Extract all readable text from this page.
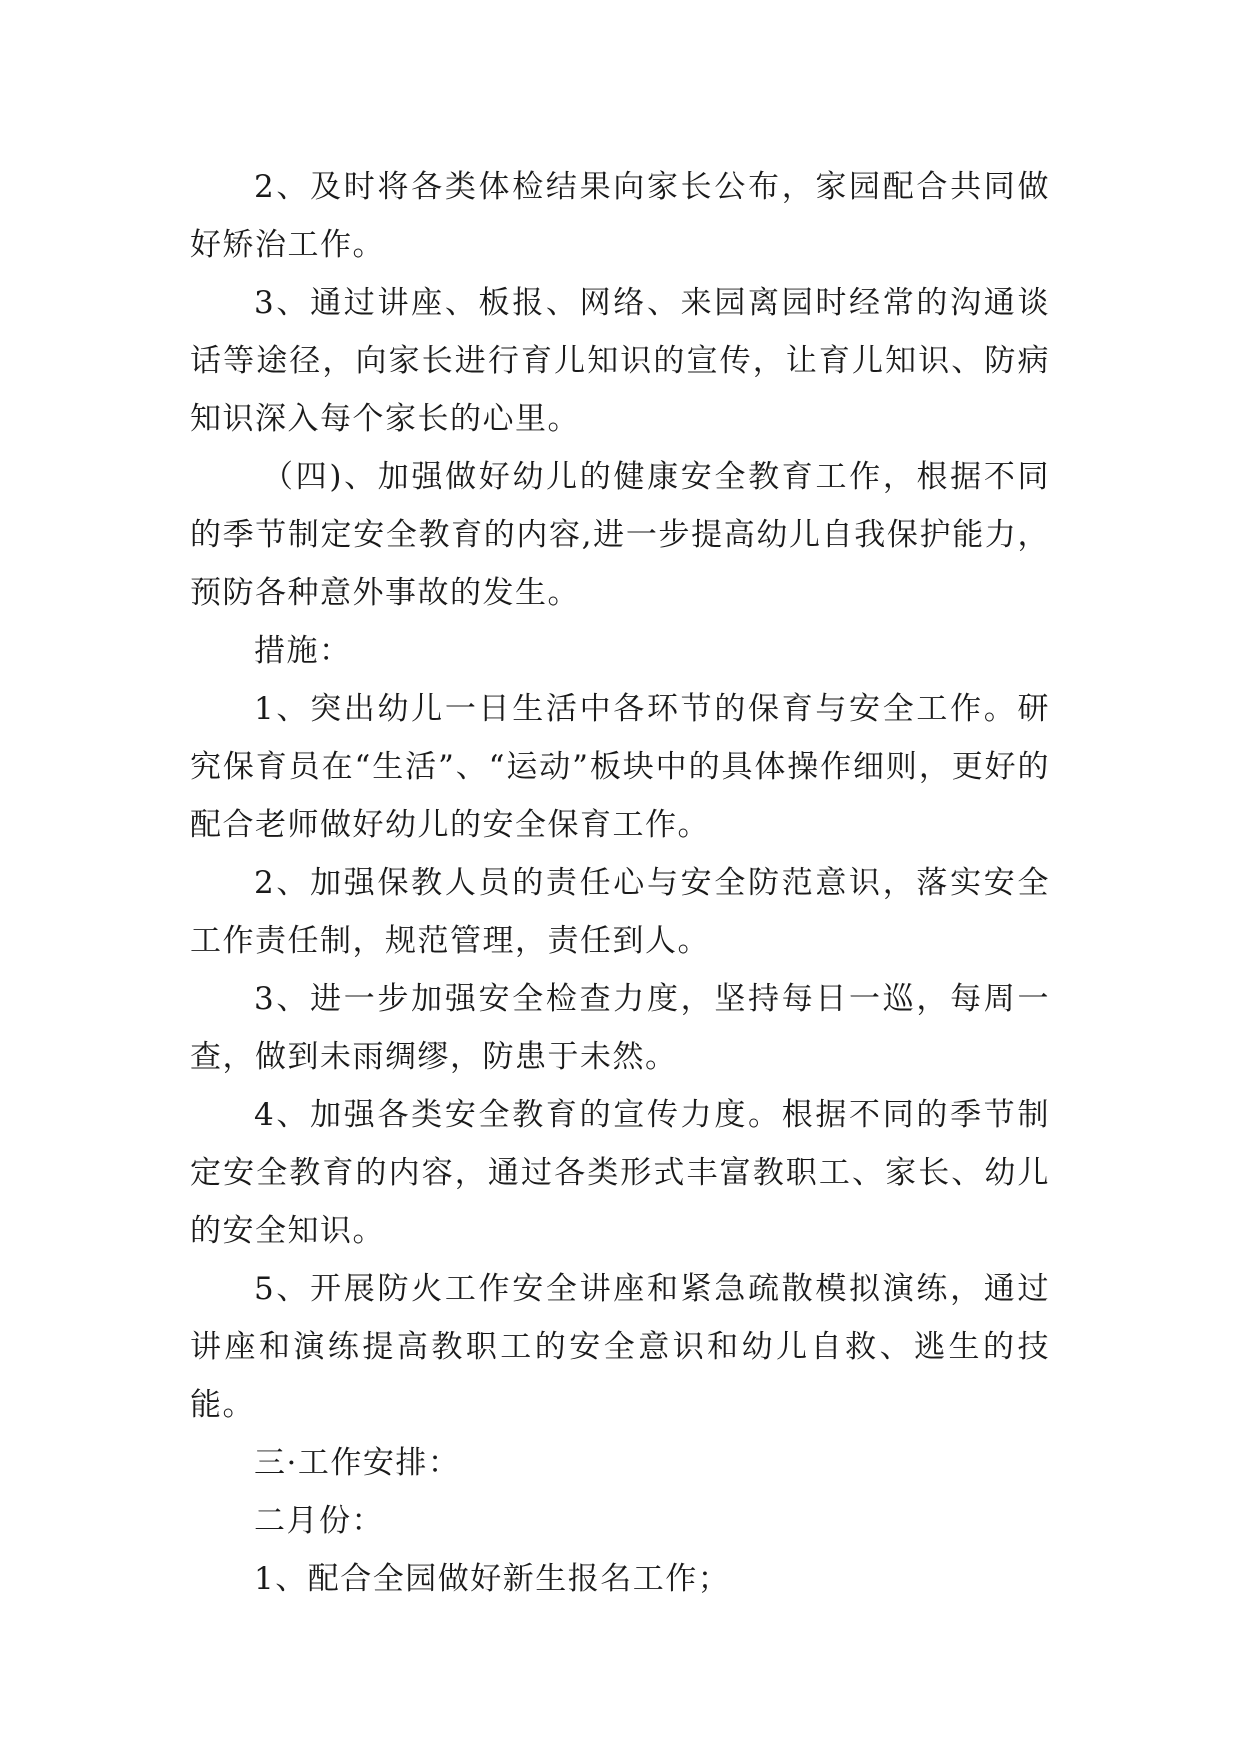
2、及时将各类体检结果向家长公布，家园配合共同做好矫治工作。

3、通过讲座、板报、网络、来园离园时经常的沟通谈话等途径，向家长进行育儿知识的宣传，让育儿知识、防病知识深入每个家长的心里。

（四)、加强做好幼儿的健康安全教育工作，根据不同的季节制定安全教育的内容,进一步提高幼儿自我保护能力，预防各种意外事故的发生。

措施：

1、突出幼儿一日生活中各环节的保育与安全工作。研究保育员在“生活”、“运动”板块中的具体操作细则，更好的配合老师做好幼儿的安全保育工作。

2、加强保教人员的责任心与安全防范意识，落实安全工作责任制，规范管理，责任到人。

3、进一步加强安全检查力度，坚持每日一巡，每周一查，做到未雨绸缪，防患于未然。

4、加强各类安全教育的宣传力度。根据不同的季节制定安全教育的内容，通过各类形式丰富教职工、家长、幼儿的安全知识。

5、开展防火工作安全讲座和紧急疏散模拟演练，通过讲座和演练提高教职工的安全意识和幼儿自救、逃生的技能。

三·工作安排：

二月份：

1、配合全园做好新生报名工作；
